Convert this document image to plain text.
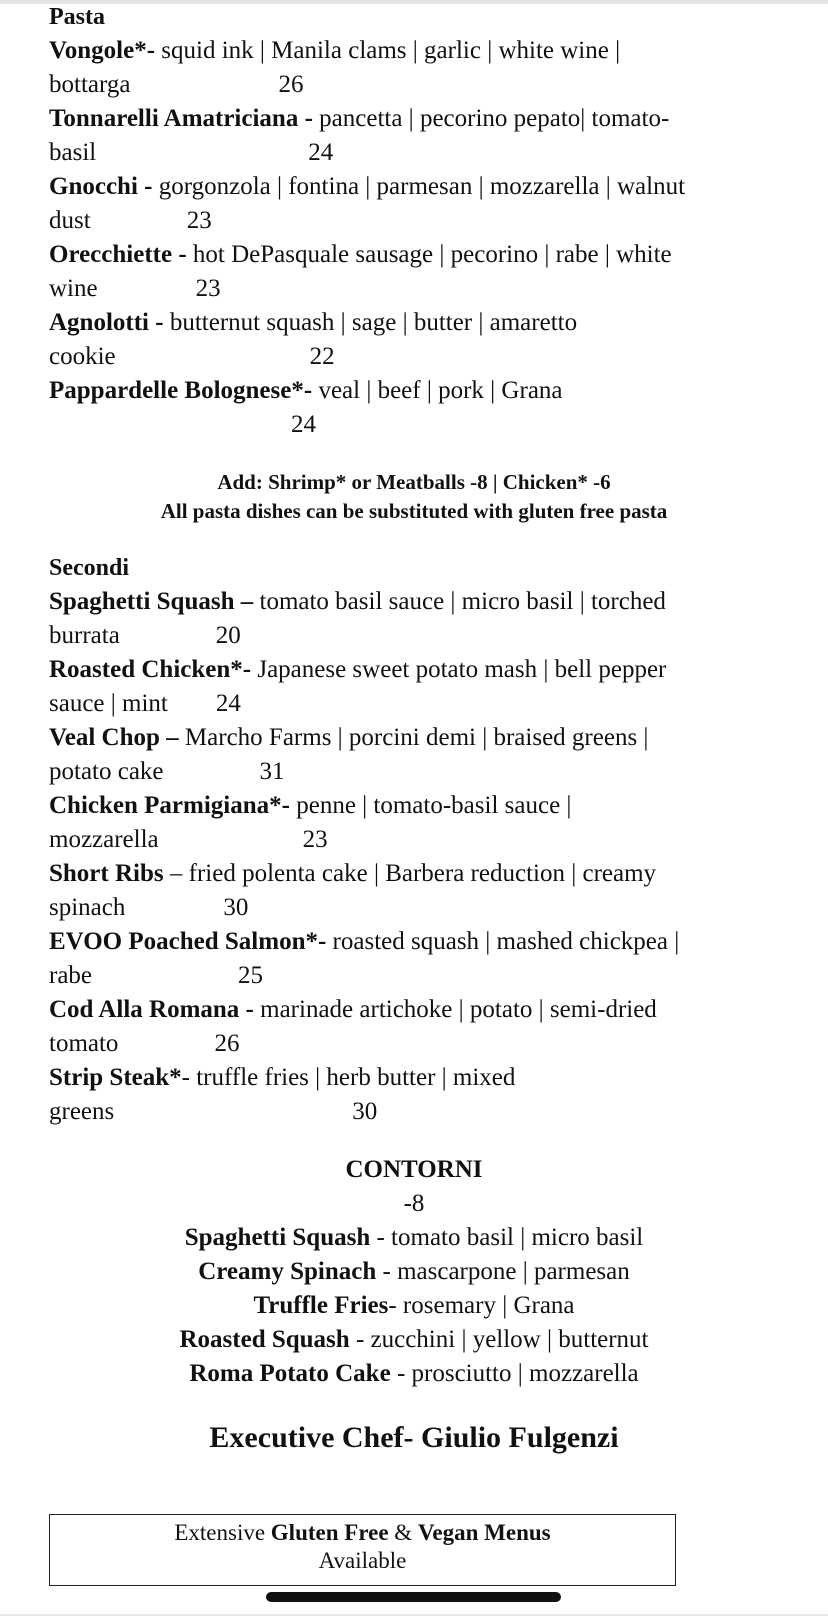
Pasta

Vongole*- squid ink | Manila clams | garlic | white wine |
bottarga	26

Tonnarelli Amatriciana - pancetta | pecorino pepato| tomato-
basil	24

Gnocchi - gorgonzola | fontina | parmesan | mozzarella | walnut
dust	23

Orecchiette - hot DePasquale sausage | pecorino | rabe | white
wine	23

Agnolotti - butternut squash | sage | butter | amaretto
cookie	22

Pappardelle Bolognese*- veal | beef | pork | Grana
24

Add: Shrimp* or Meatballs -8 | Chicken* -6

All pasta dishes can be substituted with gluten free pasta

Secondi

Spaghetti Squash – tomato basil sauce | micro basil | torched
burrata	20

Roasted Chicken*- Japanese sweet potato mash | bell pepper
sauce | mint 24

Veal Chop – Marcho Farms | porcini demi | braised greens |
potato cake	31

Chicken Parmigiana*- penne | tomato-basil sauce |
mozzarella	23

Short Ribs – fried polenta cake | Barbera reduction | creamy
spinach	30

EVOO Poached Salmon*- roasted squash | mashed chickpea |
rabe	25

Cod Alla Romana - marinade artichoke | potato | semi-dried
tomato	26

Strip Steak*- truffle fries | herb butter | mixed
greens	30

CONTORNI
-8
Spaghetti Squash - tomato basil | micro basil
Creamy Spinach - mascarpone | parmesan
Truffle Fries- rosemary | Grana
Roasted Squash - zucchini | yellow | butternut
Roma Potato Cake - prosciutto | mozzarella
Executive Chef- Giulio Fulgenzi
Extensive Gluten Free & Vegan Menus
Available
